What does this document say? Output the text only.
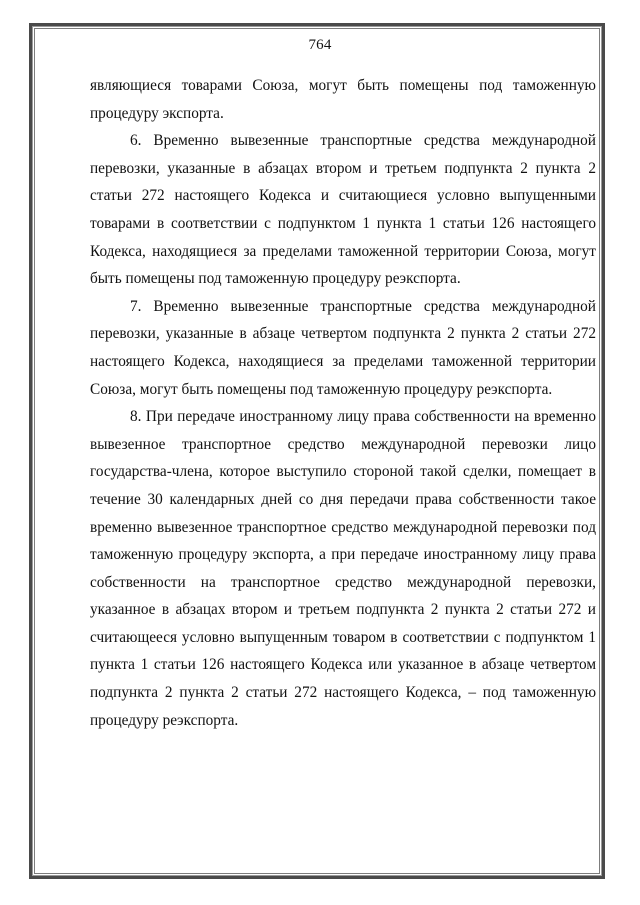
764

являющиеся товарами Союза, могут быть помещены под таможенную процедуру экспорта.

6. Временно вывезенные транспортные средства международной перевозки, указанные в абзацах втором и третьем подпункта 2 пункта 2 статьи 272 настоящего Кодекса и считающиеся условно выпущенными товарами в соответствии с подпунктом 1 пункта 1 статьи 126 настоящего Кодекса, находящиеся за пределами таможенной территории Союза, могут быть помещены под таможенную процедуру реэкспорта.

7. Временно вывезенные транспортные средства международной перевозки, указанные в абзаце четвертом подпункта 2 пункта 2 статьи 272 настоящего Кодекса, находящиеся за пределами таможенной территории Союза, могут быть помещены под таможенную процедуру реэкспорта.

8. При передаче иностранному лицу права собственности на временно вывезенное транспортное средство международной перевозки лицо государства-члена, которое выступило стороной такой сделки, помещает в течение 30 календарных дней со дня передачи права собственности такое временно вывезенное транспортное средство международной перевозки под таможенную процедуру экспорта, а при передаче иностранному лицу права собственности на транспортное средство международной перевозки, указанное в абзацах втором и третьем подпункта 2 пункта 2 статьи 272 и считающееся условно выпущенным товаром в соответствии с подпунктом 1 пункта 1 статьи 126 настоящего Кодекса или указанное в абзаце четвертом подпункта 2 пункта 2 статьи 272 настоящего Кодекса, – под таможенную процедуру реэкспорта.
